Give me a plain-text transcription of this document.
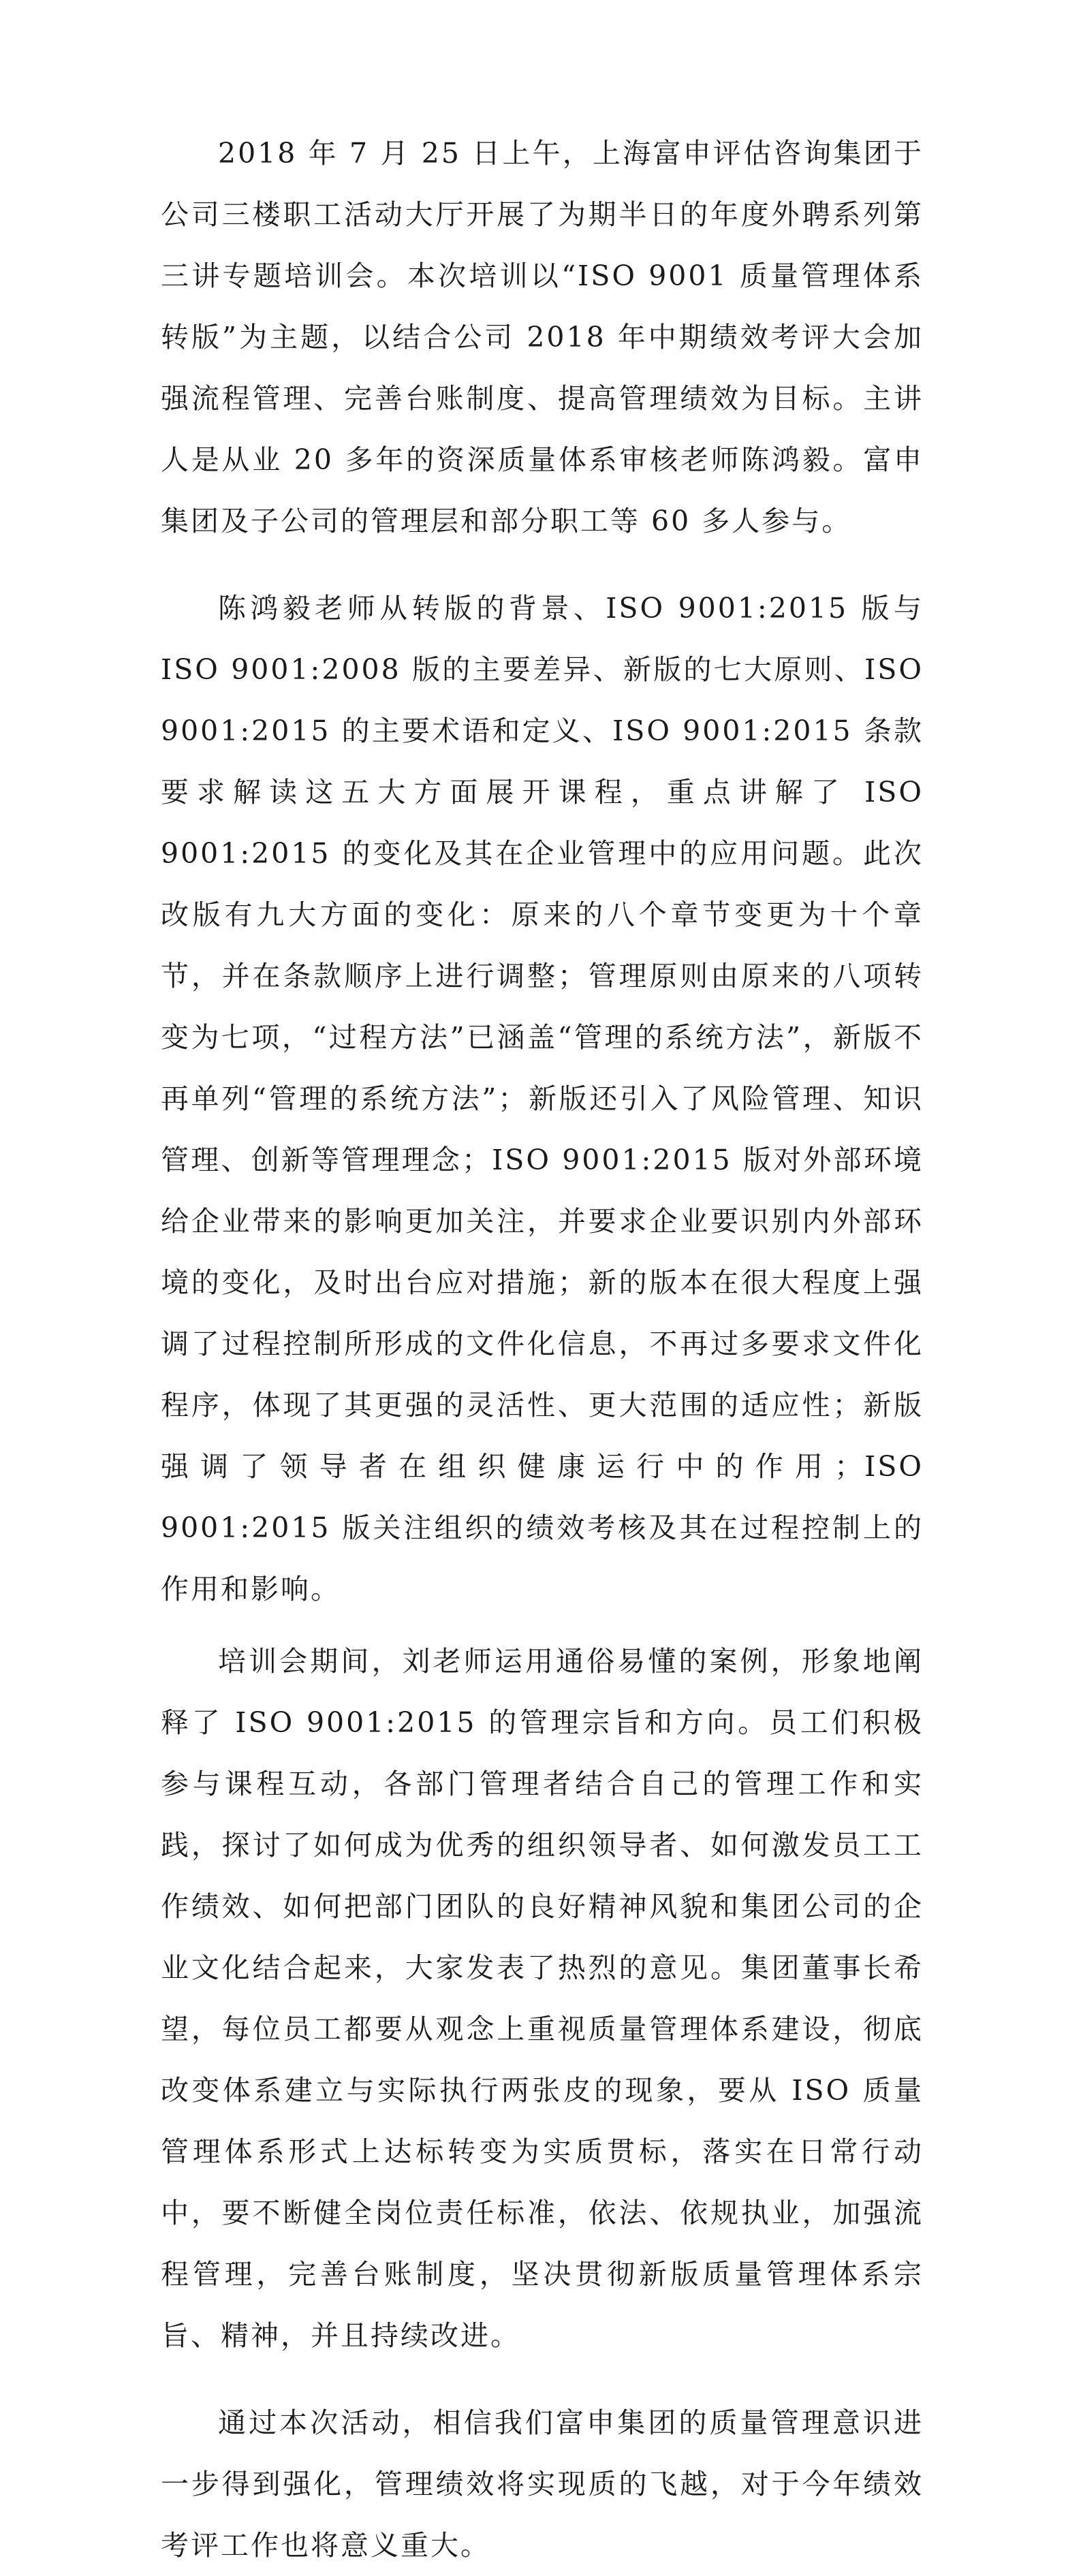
2018 年 7 月 25 日上午，上海富申评估咨询集团于公司三楼职工活动大厅开展了为期半日的年度外聘系列第三讲专题培训会。本次培训以“ISO 9001 质量管理体系转版”为主题，以结合公司 2018 年中期绩效考评大会加强流程管理、完善台账制度、提高管理绩效为目标。主讲人是从业 20 多年的资深质量体系审核老师陈鸿毅。富申集团及子公司的管理层和部分职工等 60 多人参与。

陈鸿毅老师从转版的背景、ISO 9001:2015 版与 ISO 9001:2008 版的主要差异、新版的七大原则、ISO 9001:2015 的主要术语和定义、ISO 9001:2015 条款要求解读这五大方面展开课程，重点讲解了 ISO 9001:2015 的变化及其在企业管理中的应用问题。此次改版有九大方面的变化：原来的八个章节变更为十个章节，并在条款顺序上进行调整；管理原则由原来的八项转变为七项，“过程方法”已涵盖“管理的系统方法”，新版不再单列“管理的系统方法”；新版还引入了风险管理、知识管理、创新等管理理念；ISO 9001:2015 版对外部环境给企业带来的影响更加关注，并要求企业要识别内外部环境的变化，及时出台应对措施；新的版本在很大程度上强调了过程控制所形成的文件化信息，不再过多要求文件化程序，体现了其更强的灵活性、更大范围的适应性；新版强调了领导者在组织健康运行中的作用；ISO 9001:2015 版关注组织的绩效考核及其在过程控制上的作用和影响。

培训会期间，刘老师运用通俗易懂的案例，形象地阐释了 ISO 9001:2015 的管理宗旨和方向。员工们积极参与课程互动，各部门管理者结合自己的管理工作和实践，探讨了如何成为优秀的组织领导者、如何激发员工工作绩效、如何把部门团队的良好精神风貌和集团公司的企业文化结合起来，大家发表了热烈的意见。集团董事长希望，每位员工都要从观念上重视质量管理体系建设，彻底改变体系建立与实际执行两张皮的现象，要从 ISO 质量管理体系形式上达标转变为实质贯标，落实在日常行动中，要不断健全岗位责任标准，依法、依规执业，加强流程管理，完善台账制度，坚决贯彻新版质量管理体系宗旨、精神，并且持续改进。

通过本次活动，相信我们富申集团的质量管理意识进一步得到强化，管理绩效将实现质的飞越，对于今年绩效考评工作也将意义重大。
